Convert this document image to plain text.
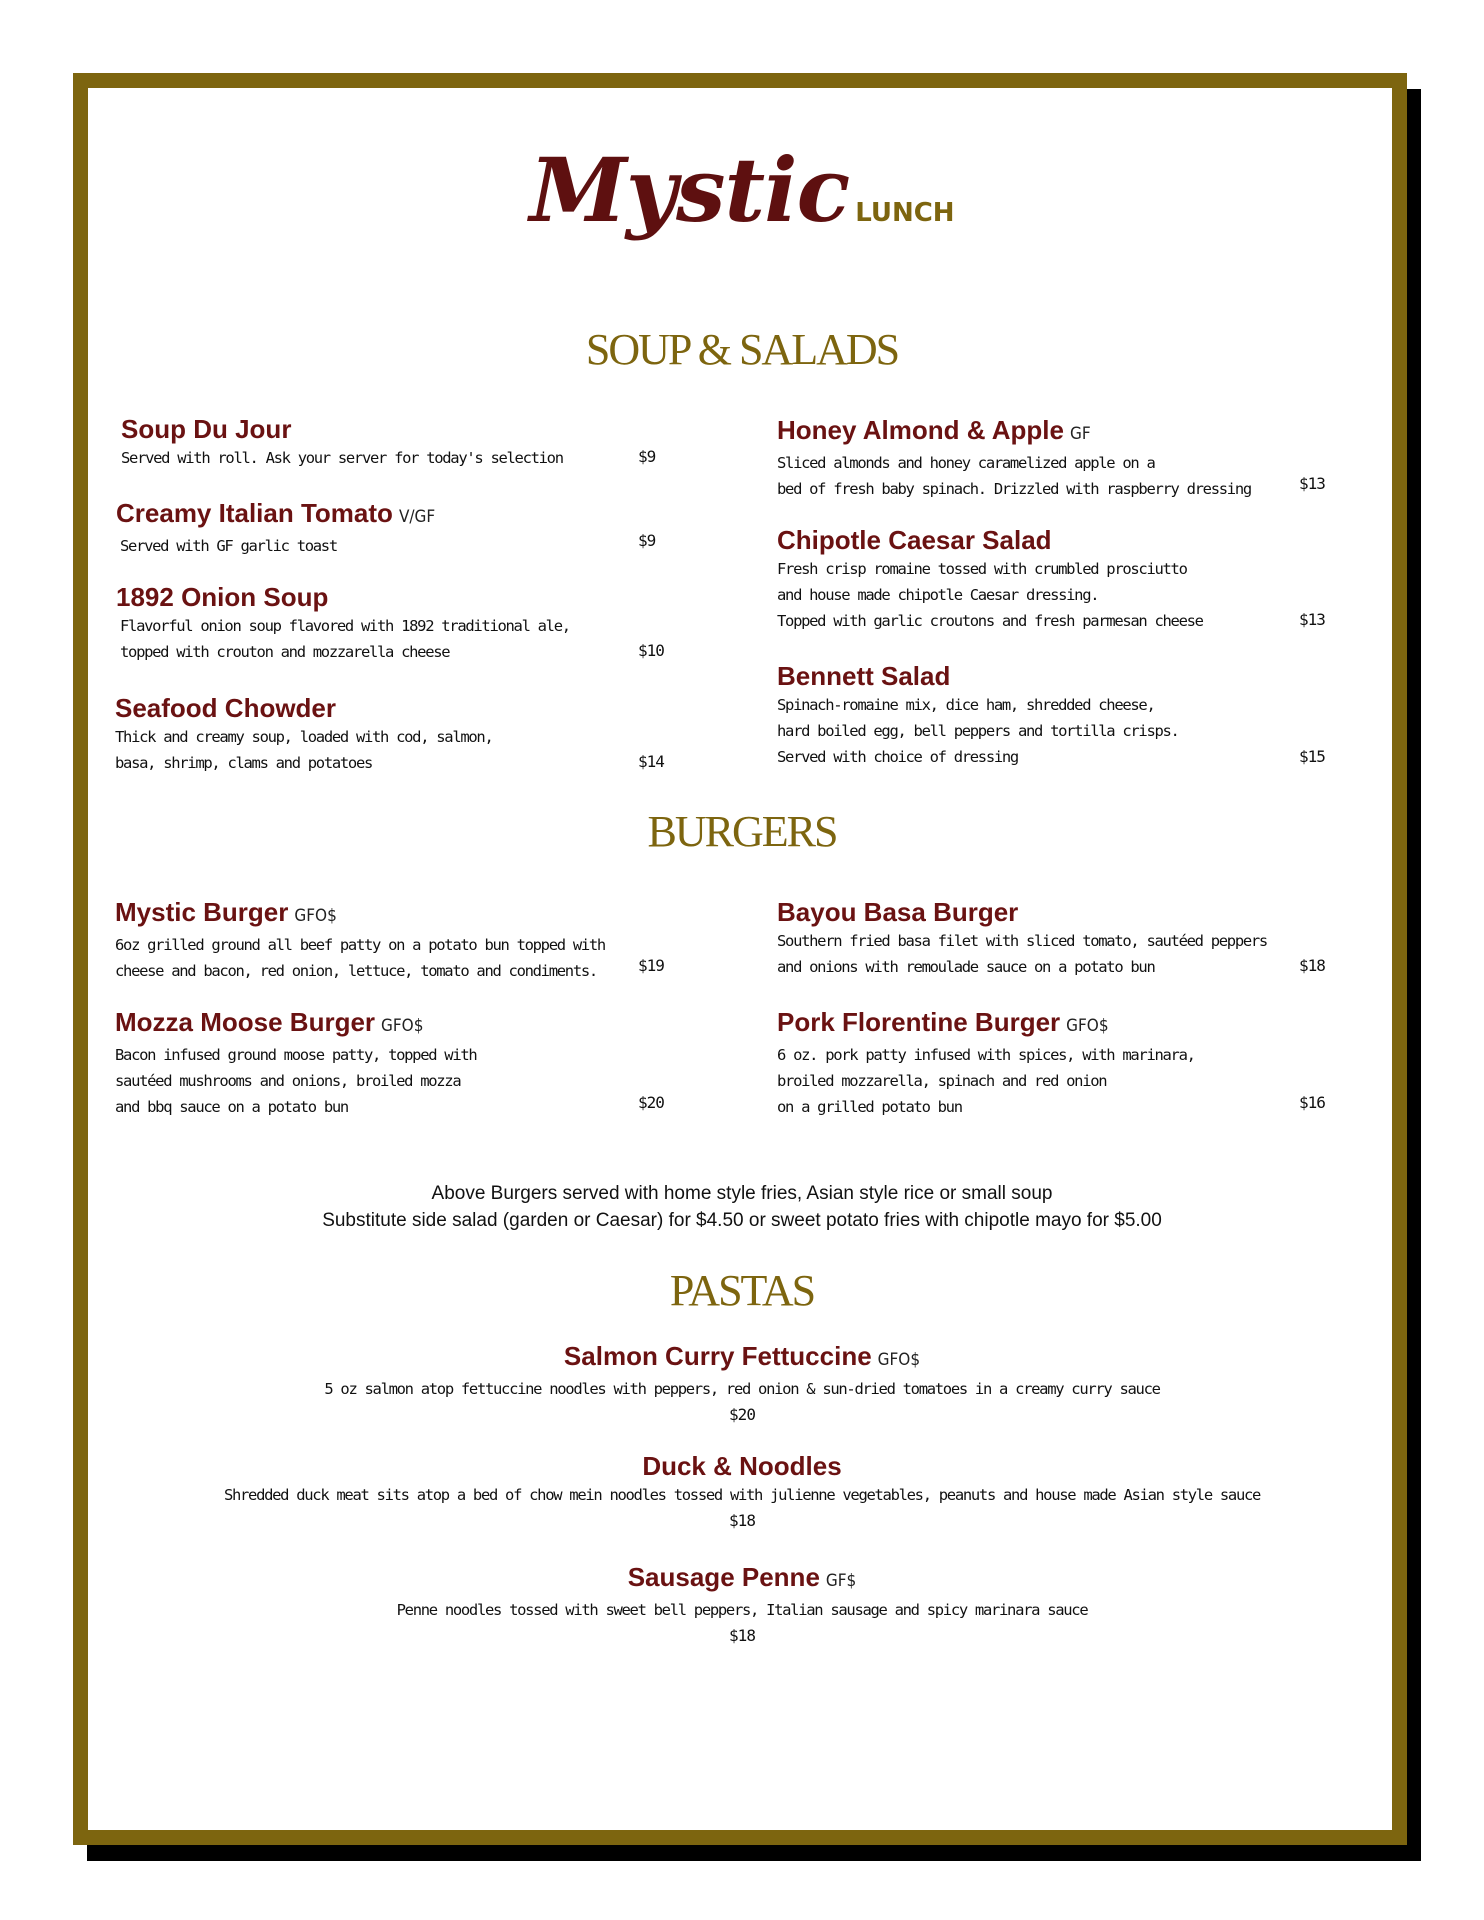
Mystic LUNCH
SOUP & SALADS
Soup Du Jour
Served with roll. Ask your server for today's selection	$9
Creamy Italian Tomato V/GF
Served with GF garlic toast	$9
1892 Onion Soup
Flavorful onion soup flavored with 1892 traditional ale,
topped with crouton and mozzarella cheese	$10
Seafood Chowder
Thick and creamy soup, loaded with cod, salmon,
basa, shrimp, clams and potatoes	$14
Honey Almond & Apple GF
Sliced almonds and honey caramelized apple on a
bed of fresh baby spinach. Drizzled with raspberry dressing	$13
Chipotle Caesar Salad
Fresh crisp romaine tossed with crumbled prosciutto
and house made chipotle Caesar dressing.
Topped with garlic croutons and fresh parmesan cheese	$13
Bennett Salad
Spinach-romaine mix, dice ham, shredded cheese,
hard boiled egg, bell peppers and tortilla crisps.
Served with choice of dressing	$15
BURGERS
Mystic Burger GFO$
6oz grilled ground all beef patty on a potato bun topped with
cheese and bacon, red onion, lettuce, tomato and condiments.	$19
Mozza Moose Burger GFO$
Bacon infused ground moose patty, topped with
sautéed mushrooms and onions, broiled mozza
and bbq sauce on a potato bun	$20
Bayou Basa Burger
Southern fried basa filet with sliced tomato, sautéed peppers
and onions with remoulade sauce on a potato bun	$18
Pork Florentine Burger GFO$
6 oz. pork patty infused with spices, with marinara,
broiled mozzarella, spinach and red onion
on a grilled potato bun	$16
Above Burgers served with home style fries, Asian style rice or small soup
Substitute side salad (garden or Caesar) for $4.50 or sweet potato fries with chipotle mayo for $5.00
PASTAS
Salmon Curry Fettuccine GFO$
5 oz salmon atop fettuccine noodles with peppers, red onion & sun-dried tomatoes in a creamy curry sauce
$20
Duck & Noodles
Shredded duck meat sits atop a bed of chow mein noodles tossed with julienne vegetables, peanuts and house made Asian style sauce
$18
Sausage Penne GF$
Penne noodles tossed with sweet bell peppers, Italian sausage and spicy marinara sauce
$18
